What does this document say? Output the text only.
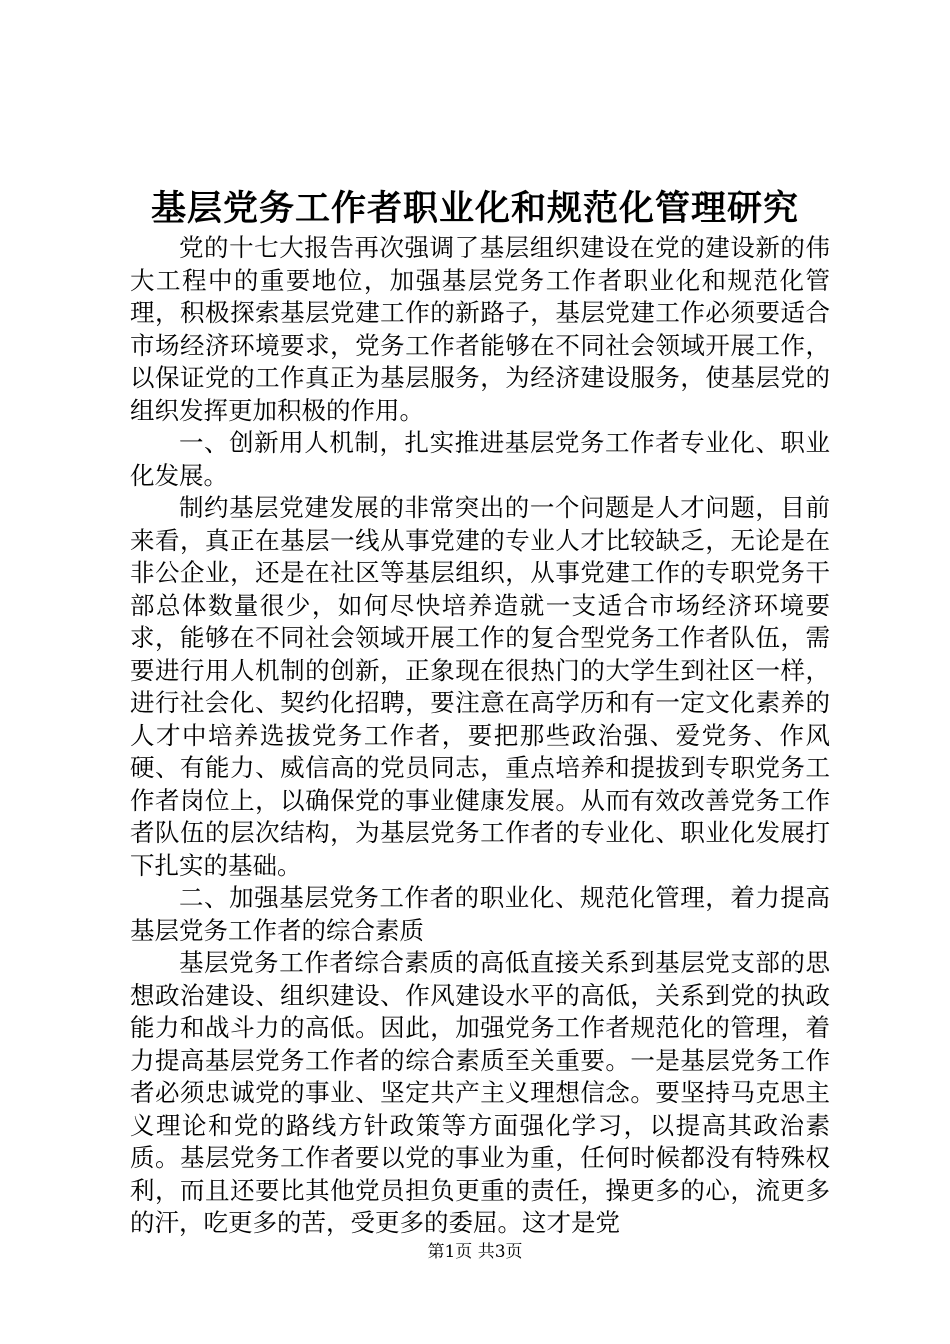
基层党务工作者职业化和规范化管理研究

党的十七大报告再次强调了基层组织建设在党的建设新的伟大工程中的重要地位，加强基层党务工作者职业化和规范化管理，积极探索基层党建工作的新路子，基层党建工作必须要适合市场经济环境要求，党务工作者能够在不同社会领域开展工作，以保证党的工作真正为基层服务，为经济建设服务，使基层党的组织发挥更加积极的作用。

一、创新用人机制，扎实推进基层党务工作者专业化、职业化发展。

制约基层党建发展的非常突出的一个问题是人才问题，目前来看，真正在基层一线从事党建的专业人才比较缺乏，无论是在非公企业，还是在社区等基层组织，从事党建工作的专职党务干部总体数量很少，如何尽快培养造就一支适合市场经济环境要求，能够在不同社会领域开展工作的复合型党务工作者队伍，需要进行用人机制的创新，正象现在很热门的大学生到社区一样，进行社会化、契约化招聘，要注意在高学历和有一定文化素养的人才中培养选拔党务工作者，要把那些政治强、爱党务、作风硬、有能力、威信高的党员同志，重点培养和提拔到专职党务工作者岗位上，以确保党的事业健康发展。从而有效改善党务工作者队伍的层次结构，为基层党务工作者的专业化、职业化发展打下扎实的基础。

二、加强基层党务工作者的职业化、规范化管理，着力提高基层党务工作者的综合素质

基层党务工作者综合素质的高低直接关系到基层党支部的思想政治建设、组织建设、作风建设水平的高低，关系到党的执政能力和战斗力的高低。因此，加强党务工作者规范化的管理，着力提高基层党务工作者的综合素质至关重要。一是基层党务工作者必须忠诚党的事业、坚定共产主义理想信念。要坚持马克思主义理论和党的路线方针政策等方面强化学习，以提高其政治素质。基层党务工作者要以党的事业为重，任何时候都没有特殊权利，而且还要比其他党员担负更重的责任，操更多的心，流更多的汗，吃更多的苦，受更多的委屈。这才是党

第1页 共3页
